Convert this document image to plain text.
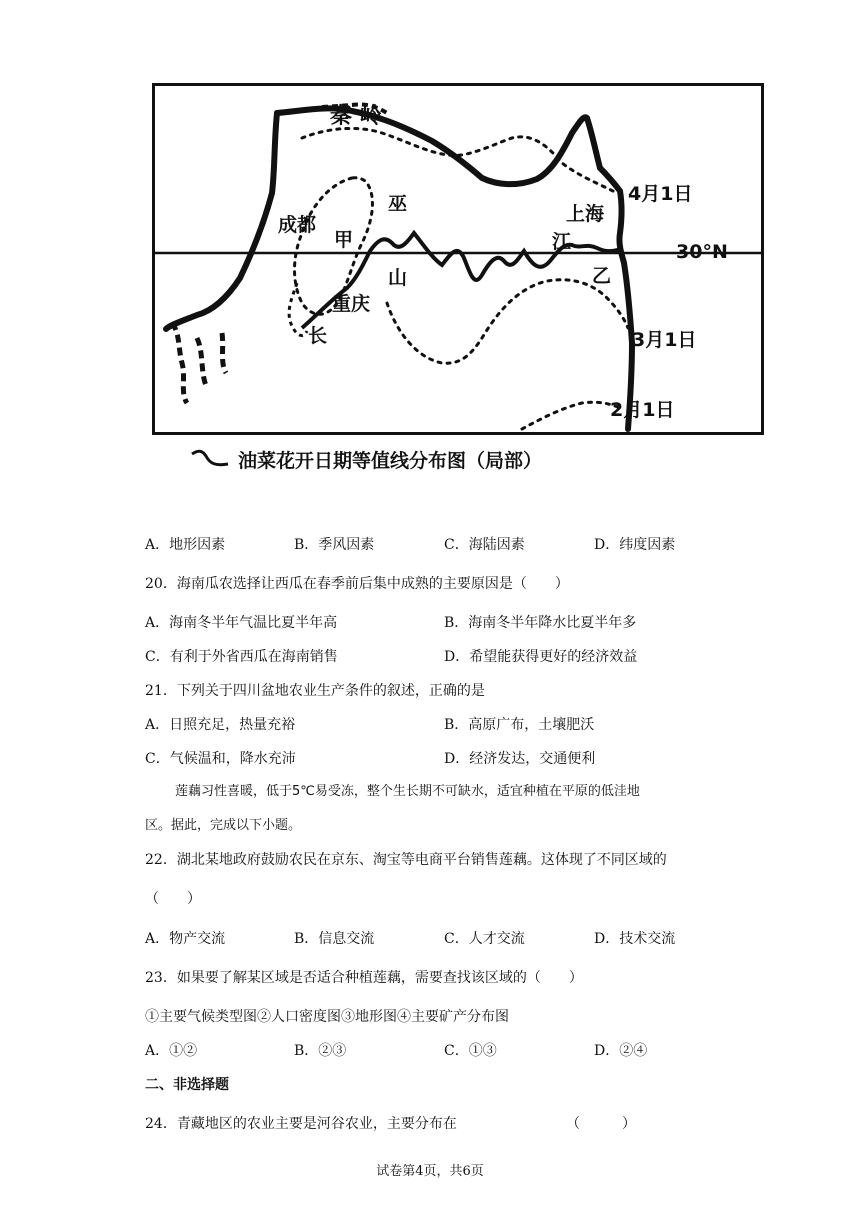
秦 岭
成都
甲
巫
山
重庆
长
江
上海
乙
30°N
4月1日
3月1日
2月1日
油菜花开日期等值线分布图（局部）
A．地形因素	B．季风因素	C．海陆因素	D．纬度因素
20．海南瓜农选择让西瓜在春季前后集中成熟的主要原因是（　　）
A．海南冬半年气温比夏半年高	B．海南冬半年降水比夏半年多
C．有利于外省西瓜在海南销售	D．希望能获得更好的经济效益
21．下列关于四川盆地农业生产条件的叙述，正确的是
A．日照充足，热量充裕	B．高原广布，土壤肥沃
C．气候温和，降水充沛	D．经济发达，交通便利
莲藕习性喜暖，低于5℃易受冻，整个生长期不可缺水，适宜种植在平原的低洼地
区。据此，完成以下小题。
22．湖北某地政府鼓励农民在京东、淘宝等电商平台销售莲藕。这体现了不同区域的
（　　）
A．物产交流	B．信息交流	C．人才交流	D．技术交流
23．如果要了解某区域是否适合种植莲藕，需要查找该区域的（　　）
①主要气候类型图②人口密度图③地形图④主要矿产分布图
A．①②	B．②③	C．①③	D．②④
二、非选择题
24．青藏地区的农业主要是河谷农业，主要分布在	（　　　）
试卷第4页，共6页
